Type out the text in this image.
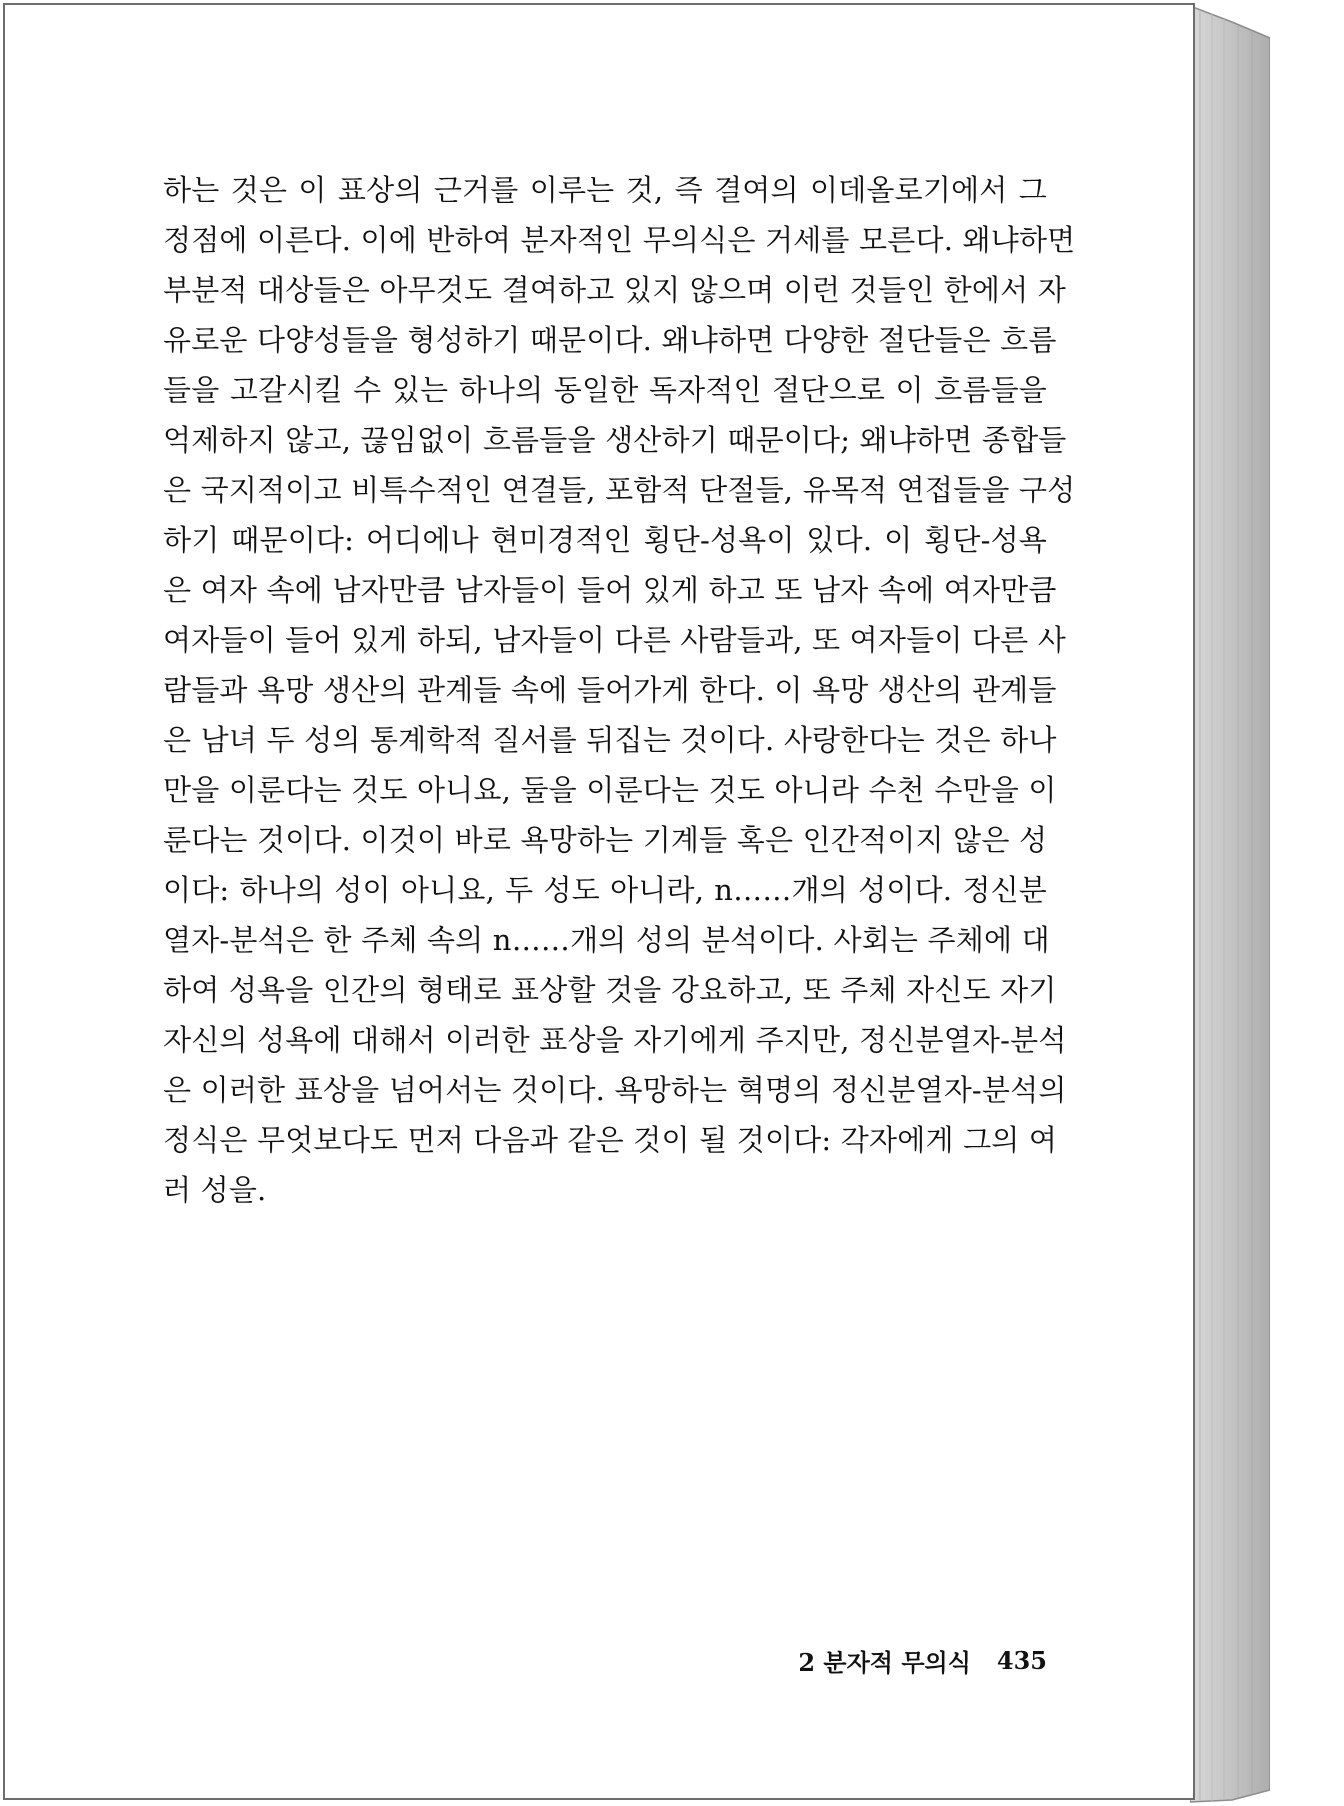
하는 것은 이 표상의 근거를 이루는 것, 즉 결여의 이데올로기에서 그
정점에 이른다. 이에 반하여 분자적인 무의식은 거세를 모른다. 왜냐하면
부분적 대상들은 아무것도 결여하고 있지 않으며 이런 것들인 한에서 자
유로운 다양성들을 형성하기 때문이다. 왜냐하면 다양한 절단들은 흐름
들을 고갈시킬 수 있는 하나의 동일한 독자적인 절단으로 이 흐름들을
억제하지 않고, 끊임없이 흐름들을 생산하기 때문이다; 왜냐하면 종합들
은 국지적이고 비특수적인 연결들, 포함적 단절들, 유목적 연접들을 구성
하기 때문이다: 어디에나 현미경적인 횡단-성욕이 있다. 이 횡단-성욕
은 여자 속에 남자만큼 남자들이 들어 있게 하고 또 남자 속에 여자만큼
여자들이 들어 있게 하되, 남자들이 다른 사람들과, 또 여자들이 다른 사
람들과 욕망 생산의 관계들 속에 들어가게 한다. 이 욕망 생산의 관계들
은 남녀 두 성의 통계학적 질서를 뒤집는 것이다. 사랑한다는 것은 하나
만을 이룬다는 것도 아니요, 둘을 이룬다는 것도 아니라 수천 수만을 이
룬다는 것이다. 이것이 바로 욕망하는 기계들 혹은 인간적이지 않은 성
이다: 하나의 성이 아니요, 두 성도 아니라, n……개의 성이다. 정신분
열자-분석은 한 주체 속의 n……개의 성의 분석이다. 사회는 주체에 대
하여 성욕을 인간의 형태로 표상할 것을 강요하고, 또 주체 자신도 자기
자신의 성욕에 대해서 이러한 표상을 자기에게 주지만, 정신분열자-분석
은 이러한 표상을 넘어서는 것이다. 욕망하는 혁명의 정신분열자-분석의
정식은 무엇보다도 먼저 다음과 같은 것이 될 것이다: 각자에게 그의 여
러 성을.
2 분자적 무의식 435
